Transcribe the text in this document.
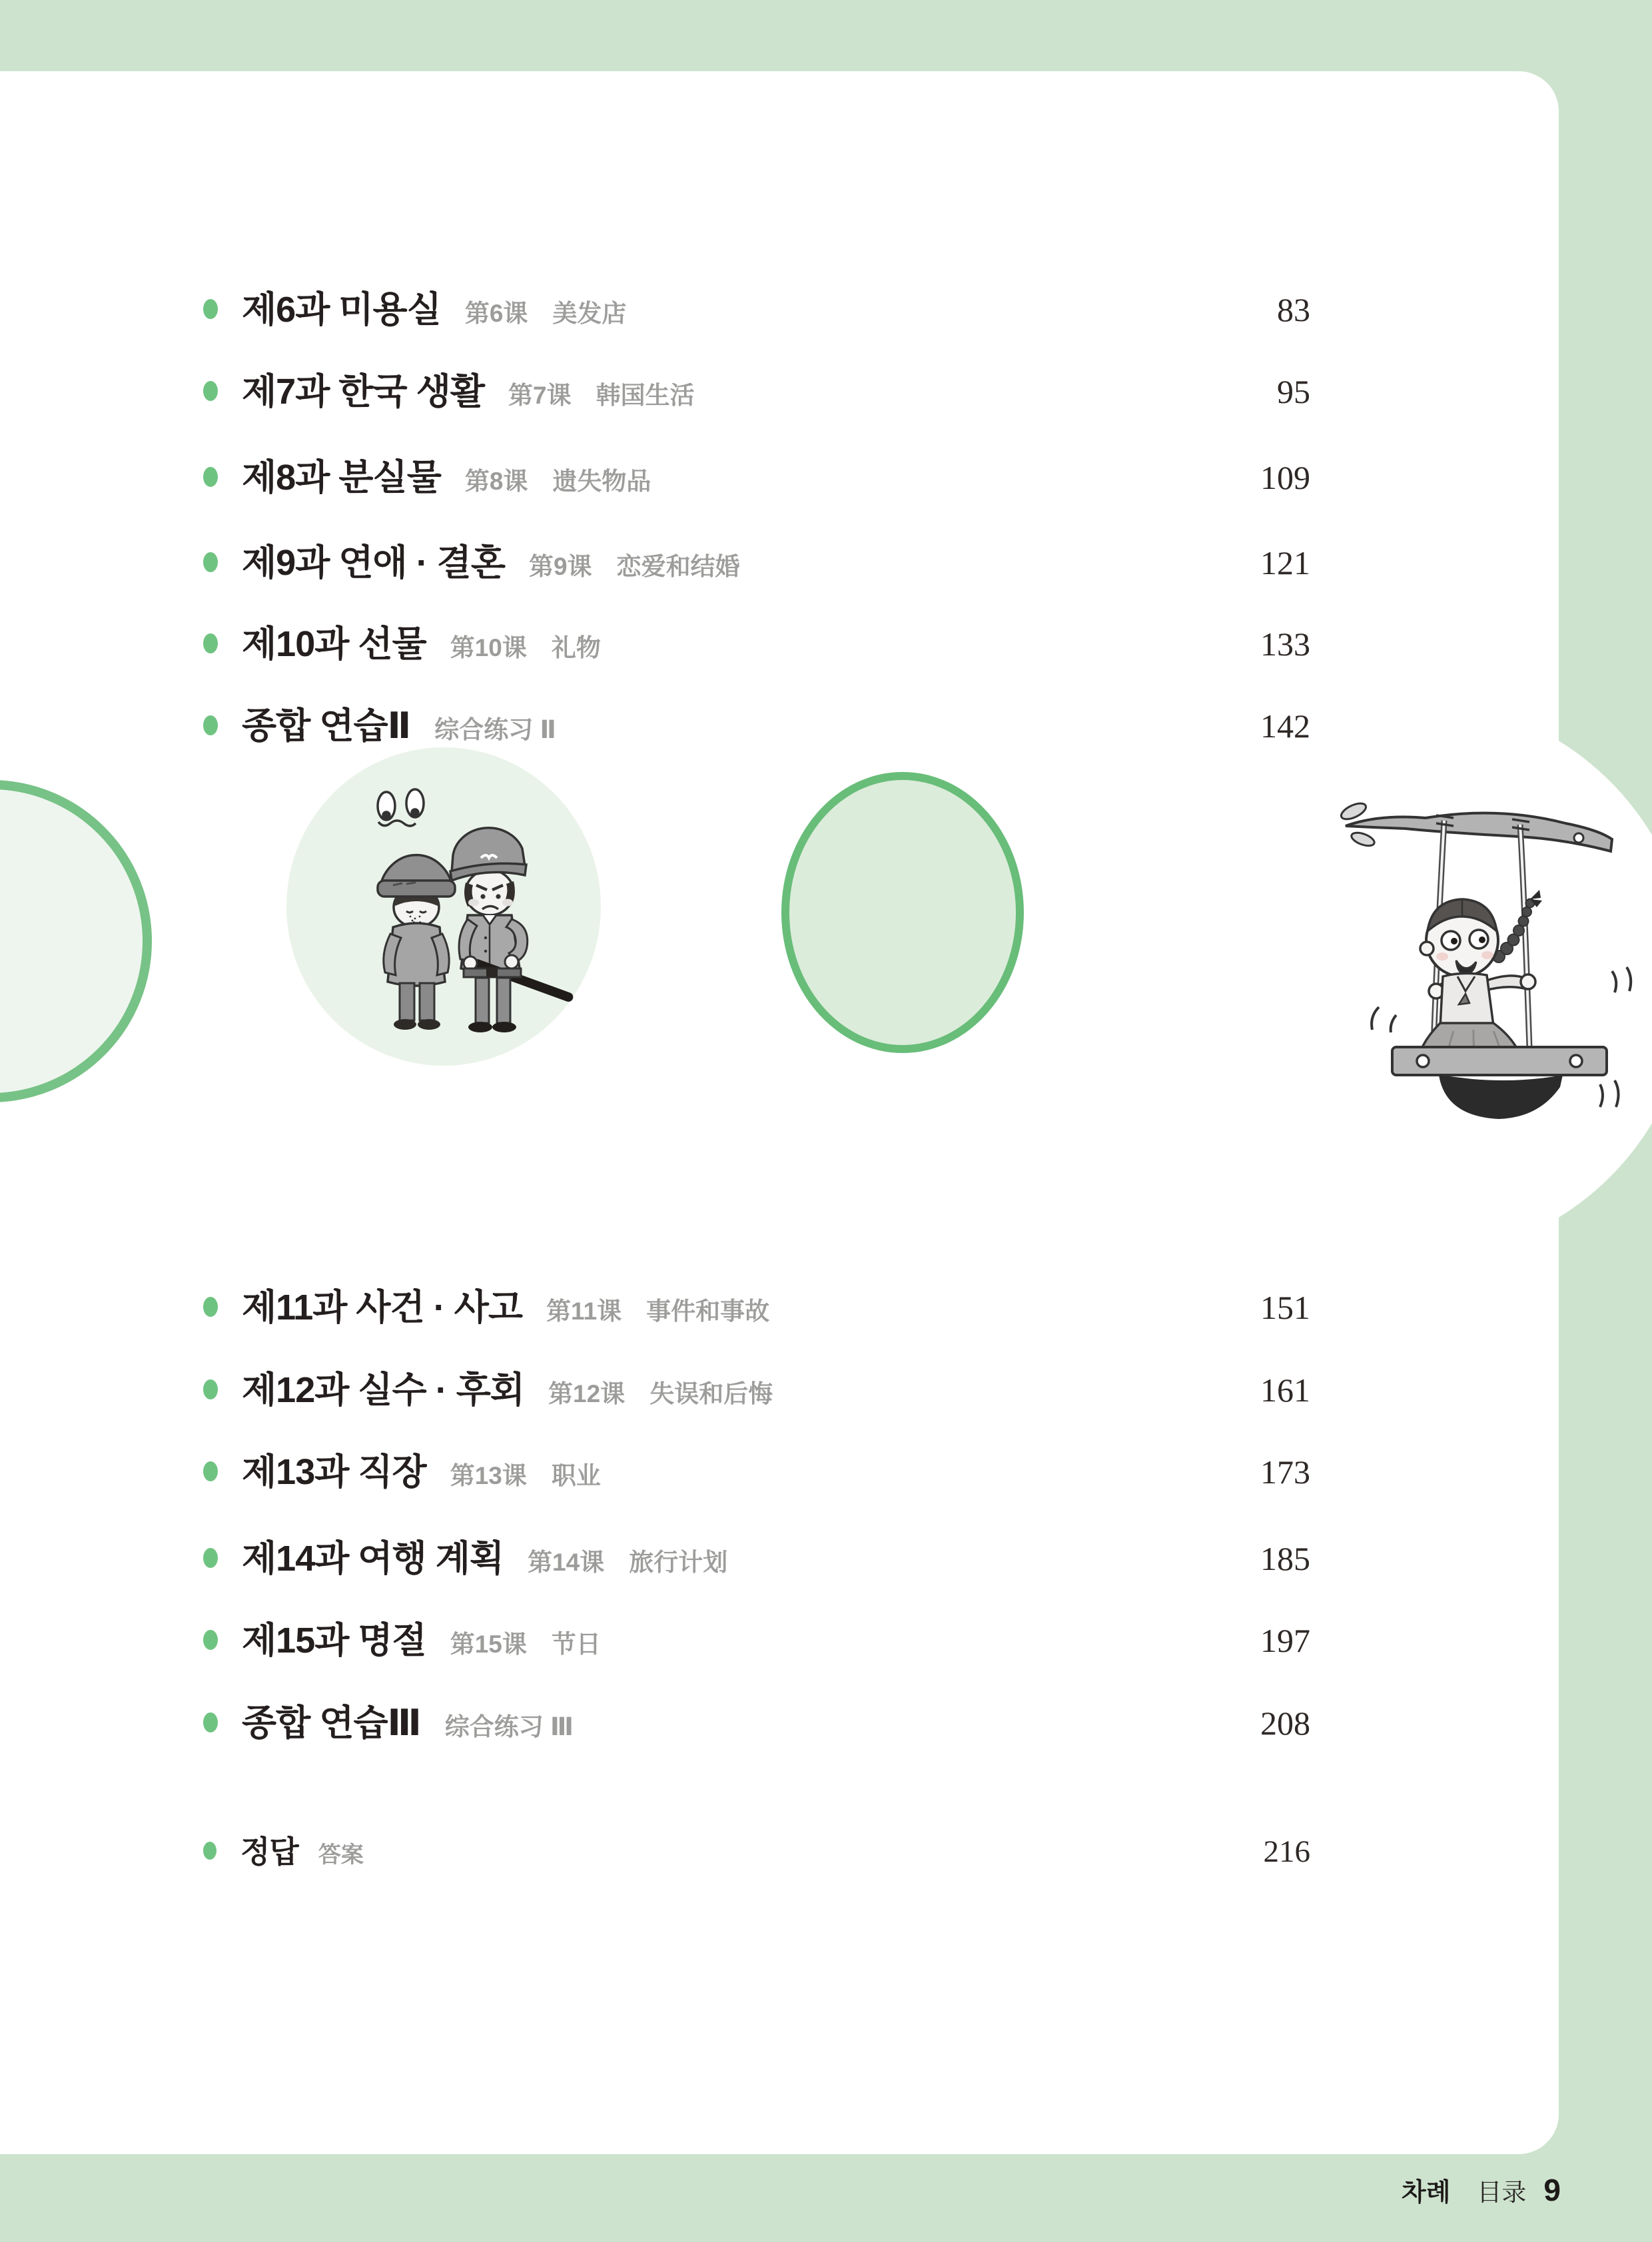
제6과 미용실 第6课　美发店	83
제7과 한국 생활 第7课　韩国生活	95
제8과 분실물 第8课　遗失物品	109
제9과 연애 · 결혼 第9课　恋爱和结婚	121
제10과 선물 第10课　礼物	133
종합 연습Ⅱ 综合练习 Ⅱ	142
제11과 사건 · 사고 第11课　事件和事故	151
제12과 실수 · 후회 第12课　失误和后悔	161
제13과 직장 第13课　职业	173
제14과 여행 계획 第14课　旅行计划	185
제15과 명절 第15课　节日	197
종합 연습Ⅲ 综合练习 Ⅲ	208
정답 答案	216
차례 目录 9
